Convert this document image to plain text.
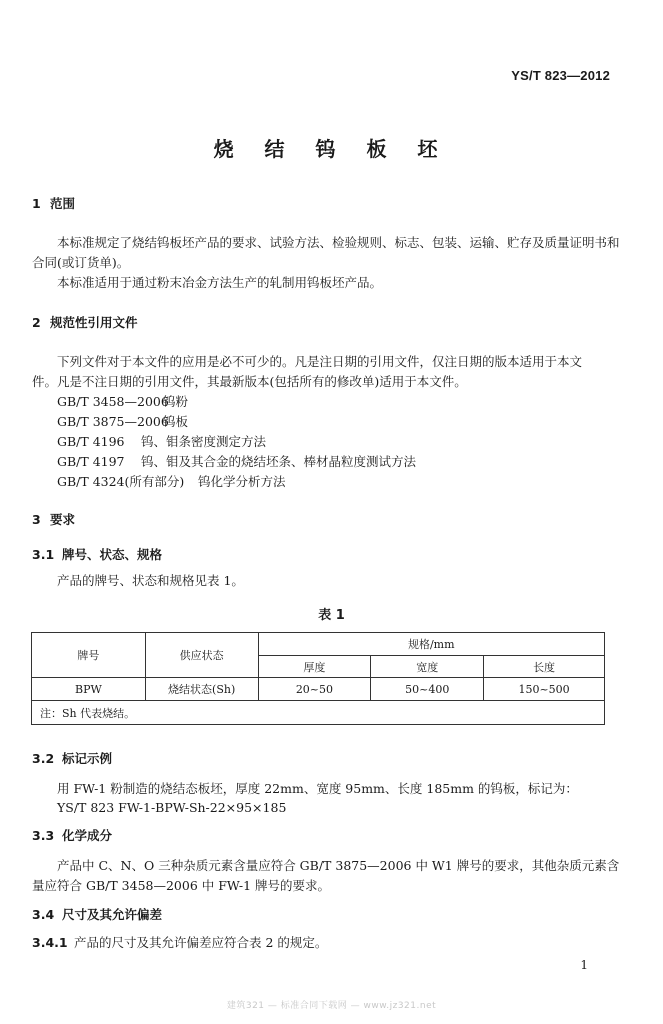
YS/T 823—2012
烧 结 钨 板 坯
1 范围
本标准规定了烧结钨板坯产品的要求、试验方法、检验规则、标志、包装、运输、贮存及质量证明书和
合同(或订货单)。
本标准适用于通过粉末冶金方法生产的轧制用钨板坯产品。
2 规范性引用文件
下列文件对于本文件的应用是必不可少的。凡是注日期的引用文件，仅注日期的版本适用于本文
件。凡是不注日期的引用文件，其最新版本(包括所有的修改单)适用于本文件。
GB/T 3458—2006钨粉
GB/T 3875—2006钨板
GB/T 4196 钨、钼条密度测定方法
GB/T 4197 钨、钼及其合金的烧结坯条、棒材晶粒度测试方法
GB/T 4324(所有部分) 钨化学分析方法
3 要求
3.1 牌号、状态、规格
产品的牌号、状态和规格见表 1。
表 1
牌号	供应状态	规格/mm		
		厚度	宽度	长度
BPW	烧结状态(Sh)	20~50	50~400	150~500
注：Sh 代表烧结。				
3.2 标记示例
用 FW-1 粉制造的烧结态板坯，厚度 22mm、宽度 95mm、长度 185mm 的钨板，标记为：
YS/T 823 FW-1-BPW-Sh-22×95×185
3.3 化学成分
产品中 C、N、O 三种杂质元素含量应符合 GB/T 3875—2006 中 W1 牌号的要求，其他杂质元素含
量应符合 GB/T 3458—2006 中 FW-1 牌号的要求。
3.4 尺寸及其允许偏差
3.4.1 产品的尺寸及其允许偏差应符合表 2 的规定。
1
建筑321 — 标准合同下载网 — www.jz321.net
